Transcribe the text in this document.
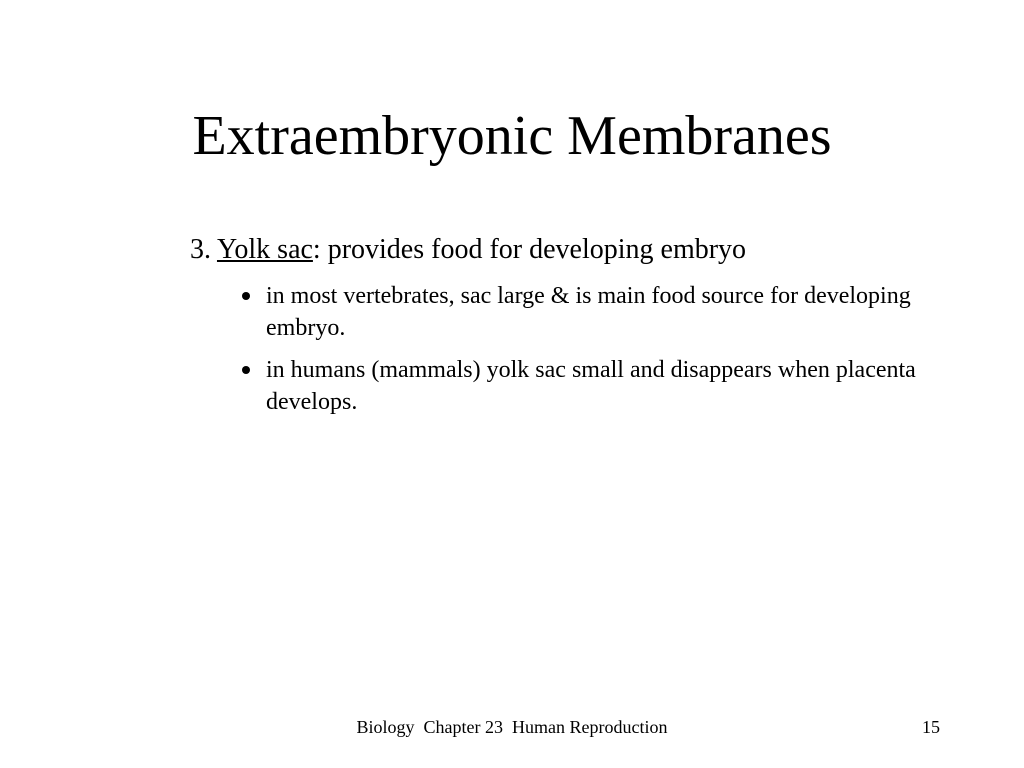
Extraembryonic Membranes
3. Yolk sac: provides food for developing embryo
in most vertebrates, sac large & is main food source for developing embryo.
in humans (mammals) yolk sac small and disappears when placenta develops.
Biology  Chapter 23  Human Reproduction	15
